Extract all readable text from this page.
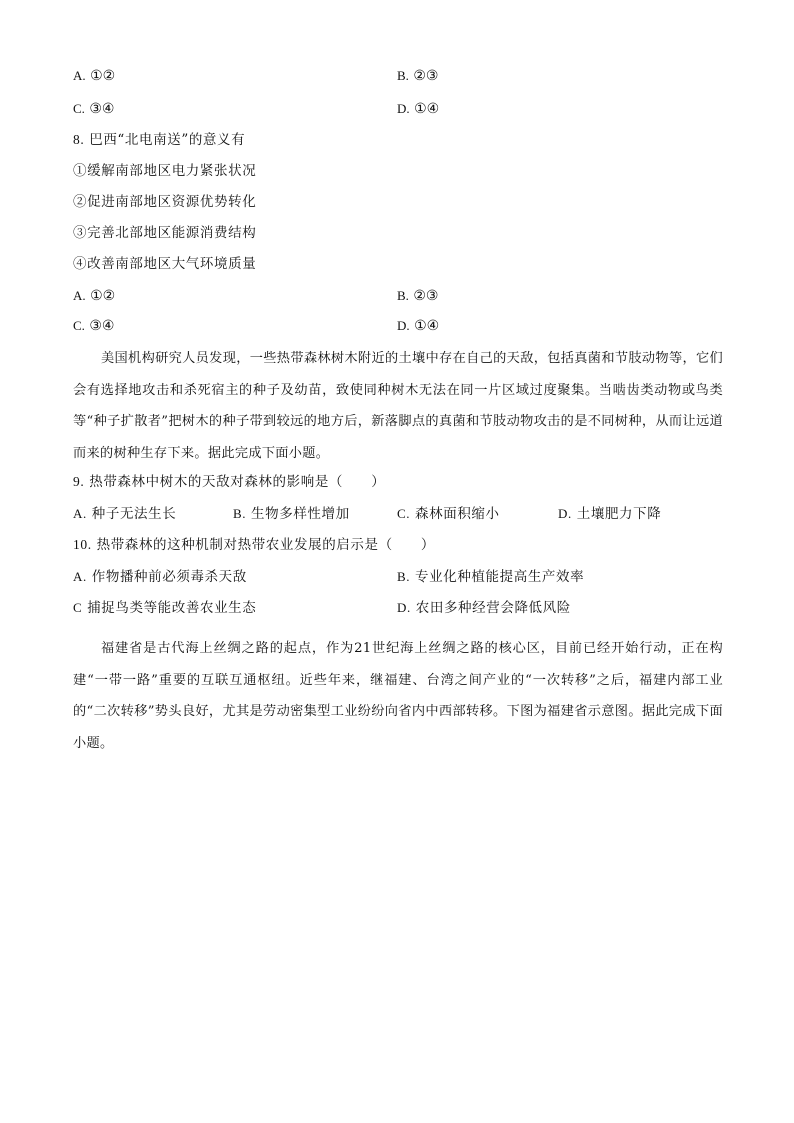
A. ①②	B. ②③
C. ③④	D. ①④
8. 巴西“北电南送”的意义有
①缓解南部地区电力紧张状况
②促进南部地区资源优势转化
③完善北部地区能源消费结构
④改善南部地区大气环境质量
A. ①②	B. ②③
C. ③④	D. ①④
美国机构研究人员发现，一些热带森林树木附近的土壤中存在自己的天敌，包括真菌和节肢动物等，它们会有选择地攻击和杀死宿主的种子及幼苗，致使同种树木无法在同一片区域过度聚集。当啮齿类动物或鸟类等“种子扩散者”把树木的种子带到较远的地方后，新落脚点的真菌和节肢动物攻击的是不同树种，从而让远道而来的树种生存下来。据此完成下面小题。
9. 热带森林中树木的天敌对森林的影响是（　　）
A. 种子无法生长	B. 生物多样性增加	C. 森林面积缩小	D. 土壤肥力下降
10. 热带森林的这种机制对热带农业发展的启示是（　　）
A. 作物播种前必须毒杀天敌	B. 专业化种植能提高生产效率
C 捕捉鸟类等能改善农业生态	D. 农田多种经营会降低风险
福建省是古代海上丝绸之路的起点，作为21世纪海上丝绸之路的核心区，目前已经开始行动，正在构建“一带一路”重要的互联互通枢纽。近些年来，继福建、台湾之间产业的“一次转移”之后，福建内部工业的“二次转移”势头良好，尤其是劳动密集型工业纷纷向省内中西部转移。下图为福建省示意图。据此完成下面小题。
